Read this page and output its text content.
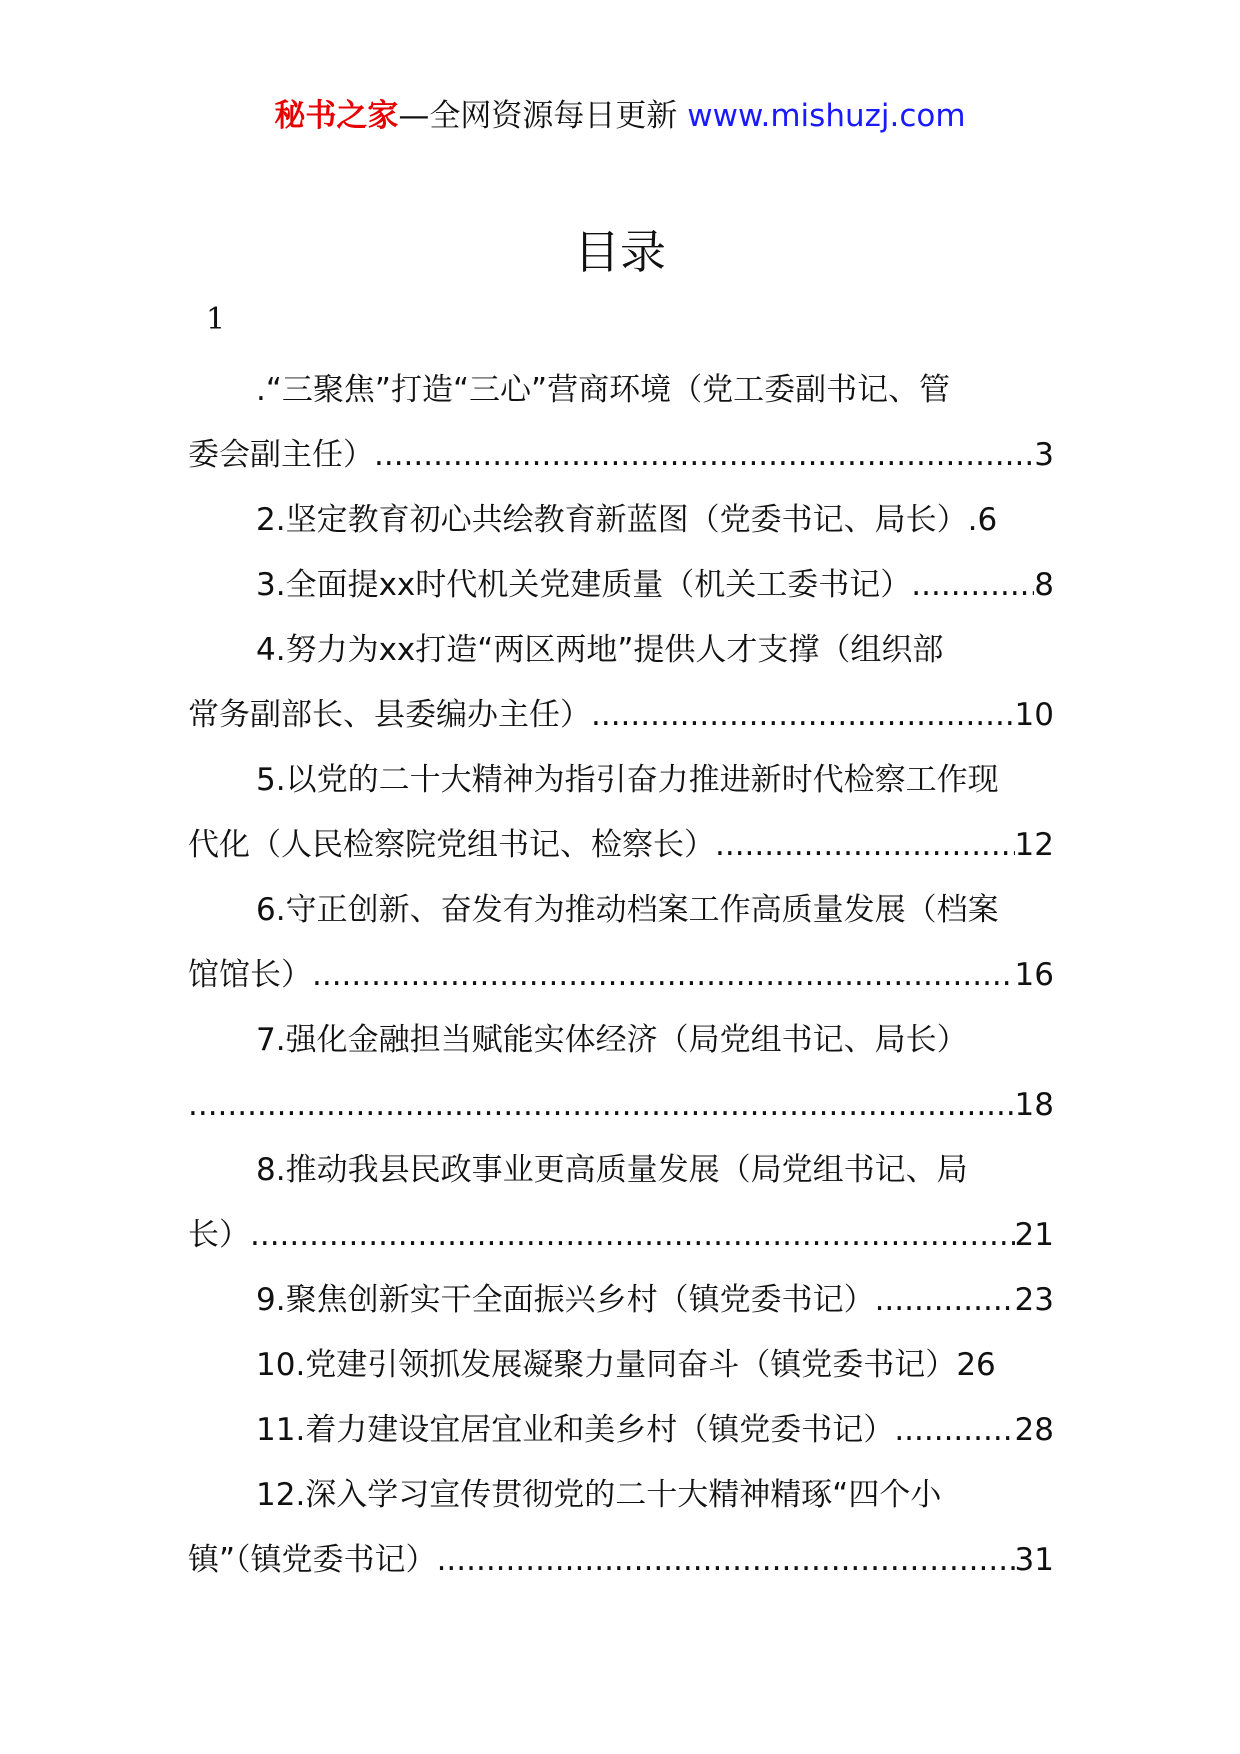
秘书之家—全网资源每日更新 www.mishuzj.com
目录
1
.“三聚焦”打造“三心”营商环境（党工委副书记、管
委会副主任） .....	3
2.坚定教育初心共绘教育新蓝图（党委书记、局长）. 6
3.全面提xx时代机关党建质量（机关工委书记） .....	8
4.努力为xx打造“两区两地”提供人才支撑（组织部
常务副部长、县委编办主任） .....	10
5.以党的二十大精神为指引奋力推进新时代检察工作现
代化（人民检察院党组书记、检察长） .....	12
6.守正创新、奋发有为推动档案工作高质量发展（档案
馆馆长） .....	16
7.强化金融担当赋能实体经济（局党组书记、局长）
.....
18
8.推动我县民政事业更高质量发展（局党组书记、局
长） .....	21
9.聚焦创新实干全面振兴乡村（镇党委书记） .....	23
10.党建引领抓发展凝聚力量同奋斗（镇党委书记） 26
11.着力建设宜居宜业和美乡村（镇党委书记） .....	28
12.深入学习宣传贯彻党的二十大精神精琢“四个小
镇”（镇党委书记） .....	31
